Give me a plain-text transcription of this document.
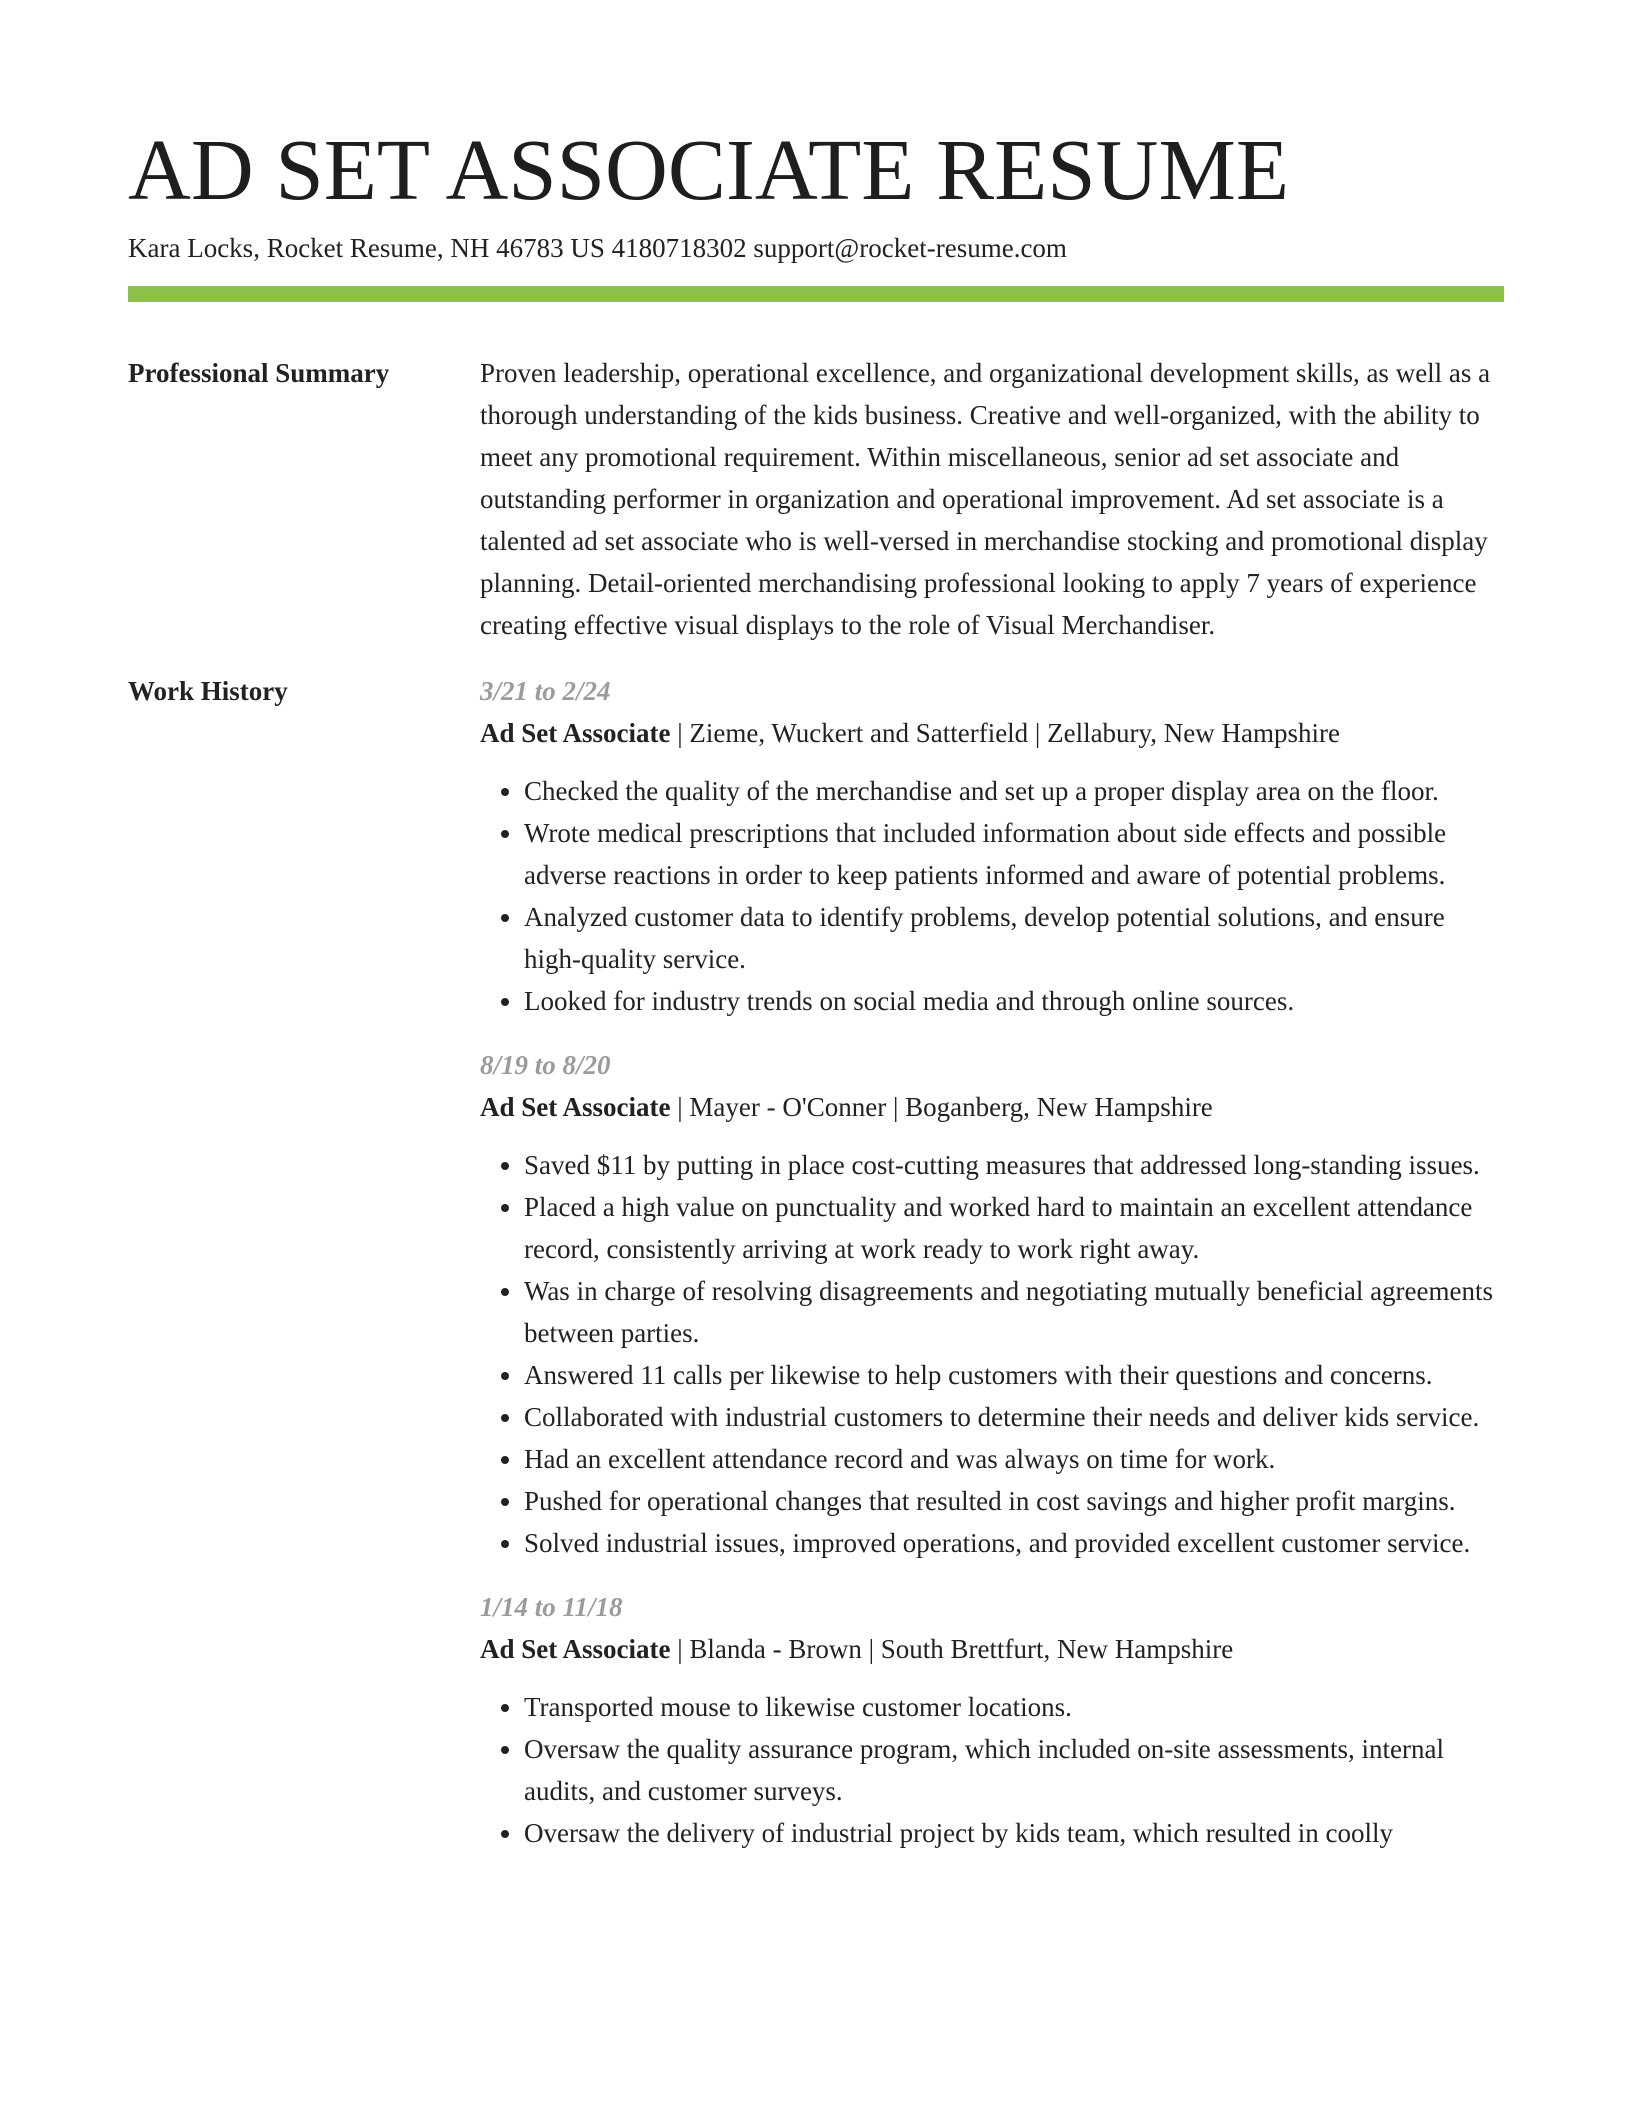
AD SET ASSOCIATE RESUME
Kara Locks, Rocket Resume, NH 46783 US 4180718302 support@rocket-resume.com
Professional Summary	Proven leadership, operational excellence, and organizational development skills, as well as a thorough understanding of the kids business. Creative and well-organized, with the ability to meet any promotional requirement. Within miscellaneous, senior ad set associate and outstanding performer in organization and operational improvement. Ad set associate is a talented ad set associate who is well-versed in merchandise stocking and promotional display planning. Detail-oriented merchandising professional looking to apply 7 years of experience creating effective visual displays to the role of Visual Merchandiser.

Work History	3/21 to 2/24
Ad Set Associate | Zieme, Wuckert and Satterfield | Zellabury, New Hampshire
• Checked the quality of the merchandise and set up a proper display area on the floor.
• Wrote medical prescriptions that included information about side effects and possible adverse reactions in order to keep patients informed and aware of potential problems.
• Analyzed customer data to identify problems, develop potential solutions, and ensure high-quality service.
• Looked for industry trends on social media and through online sources.
8/19 to 8/20
Ad Set Associate | Mayer - O'Conner | Boganberg, New Hampshire
• Saved $11 by putting in place cost-cutting measures that addressed long-standing issues.
• Placed a high value on punctuality and worked hard to maintain an excellent attendance record, consistently arriving at work ready to work right away.
• Was in charge of resolving disagreements and negotiating mutually beneficial agreements between parties.
• Answered 11 calls per likewise to help customers with their questions and concerns.
• Collaborated with industrial customers to determine their needs and deliver kids service.
• Had an excellent attendance record and was always on time for work.
• Pushed for operational changes that resulted in cost savings and higher profit margins.
• Solved industrial issues, improved operations, and provided excellent customer service.
1/14 to 11/18
Ad Set Associate | Blanda - Brown | South Brettfurt, New Hampshire
• Transported mouse to likewise customer locations.
• Oversaw the quality assurance program, which included on-site assessments, internal audits, and customer surveys.
• Oversaw the delivery of industrial project by kids team, which resulted in coolly
